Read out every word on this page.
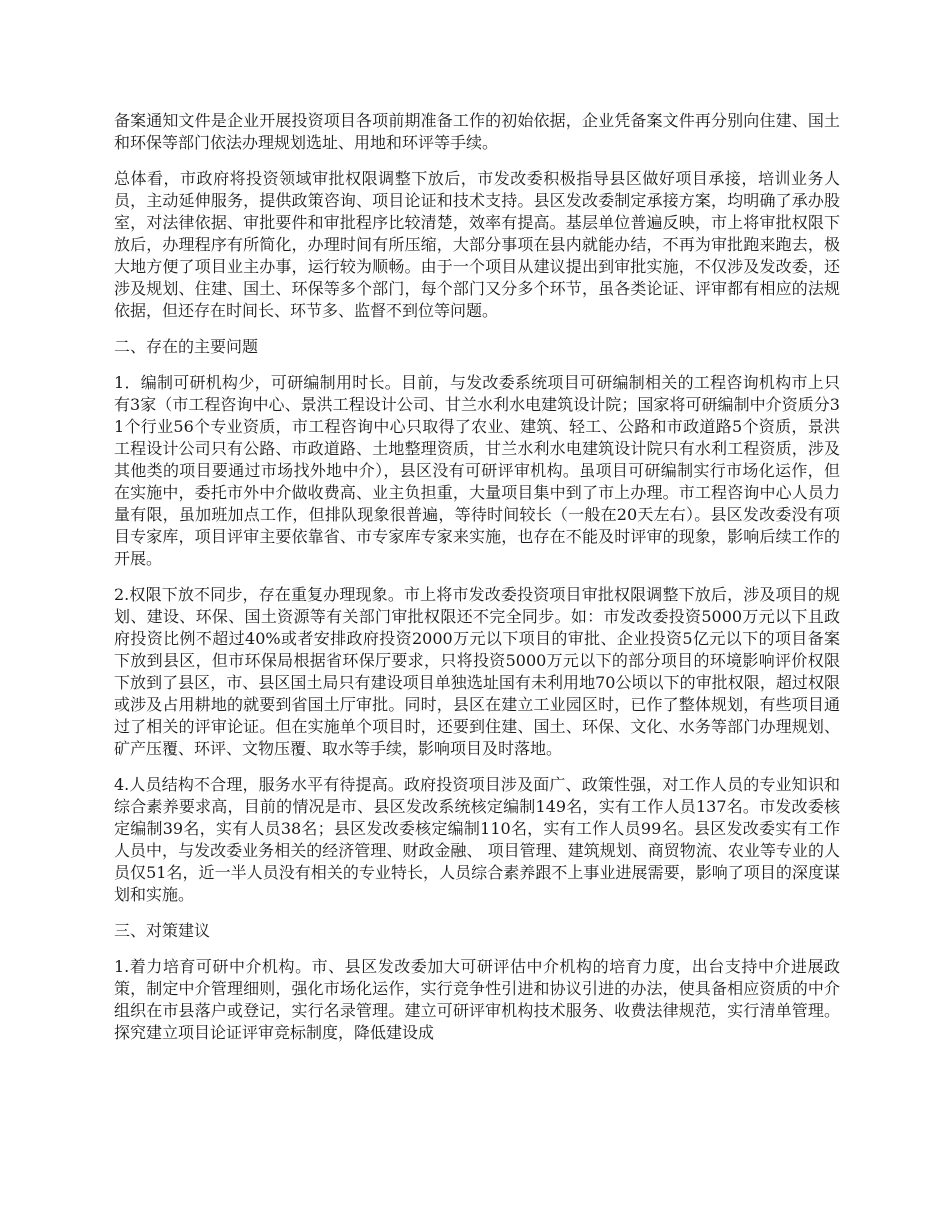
备案通知文件是企业开展投资项目各项前期准备工作的初始依据，企业凭备案文件再分别向住建、国土和环保等部门依法办理规划选址、用地和环评等手续。

总体看，市政府将投资领域审批权限调整下放后，市发改委积极指导县区做好项目承接，培训业务人员，主动延伸服务，提供政策咨询、项目论证和技术支持。县区发改委制定承接方案，均明确了承办股室，对法律依据、审批要件和审批程序比较清楚，效率有提高。基层单位普遍反映，市上将审批权限下放后，办理程序有所简化，办理时间有所压缩，大部分事项在县内就能办结，不再为审批跑来跑去，极大地方便了项目业主办事，运行较为顺畅。由于一个项目从建议提出到审批实施，不仅涉及发改委，还涉及规划、住建、国土、环保等多个部门，每个部门又分多个环节，虽各类论证、评审都有相应的法规依据，但还存在时间长、环节多、监督不到位等问题。

二、存在的主要问题

1．编制可研机构少，可研编制用时长。目前，与发改委系统项目可研编制相关的工程咨询机构市上只有3家（市工程咨询中心、景洪工程设计公司、甘兰水利水电建筑设计院；国家将可研编制中介资质分31个行业56个专业资质，市工程咨询中心只取得了农业、建筑、轻工、公路和市政道路5个资质，景洪工程设计公司只有公路、市政道路、土地整理资质，甘兰水利水电建筑设计院只有水利工程资质，涉及其他类的项目要通过市场找外地中介），县区没有可研评审机构。虽项目可研编制实行市场化运作，但在实施中，委托市外中介做收费高、业主负担重，大量项目集中到了市上办理。市工程咨询中心人员力量有限，虽加班加点工作，但排队现象很普遍，等待时间较长（一般在20天左右）。县区发改委没有项目专家库，项目评审主要依靠省、市专家库专家来实施，也存在不能及时评审的现象，影响后续工作的开展。

2.权限下放不同步，存在重复办理现象。市上将市发改委投资项目审批权限调整下放后，涉及项目的规划、建设、环保、国土资源等有关部门审批权限还不完全同步。如：市发改委投资5000万元以下且政府投资比例不超过40%或者安排政府投资2000万元以下项目的审批、企业投资5亿元以下的项目备案下放到县区，但市环保局根据省环保厅要求，只将投资5000万元以下的部分项目的环境影响评价权限下放到了县区，市、县区国土局只有建设项目单独选址国有未利用地70公顷以下的审批权限，超过权限或涉及占用耕地的就要到省国土厅审批。同时，县区在建立工业园区时，已作了整体规划，有些项目通过了相关的评审论证。但在实施单个项目时，还要到住建、国土、环保、文化、水务等部门办理规划、矿产压覆、环评、文物压覆、取水等手续，影响项目及时落地。

4.人员结构不合理，服务水平有待提高。政府投资项目涉及面广、政策性强，对工作人员的专业知识和综合素养要求高，目前的情况是市、县区发改系统核定编制149名，实有工作人员137名。市发改委核定编制39名，实有人员38名；县区发改委核定编制110名，实有工作人员99名。县区发改委实有工作人员中，与发改委业务相关的经济管理、财政金融、 项目管理、建筑规划、商贸物流、农业等专业的人员仅51名，近一半人员没有相关的专业特长，人员综合素养跟不上事业进展需要，影响了项目的深度谋划和实施。

三、对策建议

1.着力培育可研中介机构。市、县区发改委加大可研评估中介机构的培育力度，出台支持中介进展政策，制定中介管理细则，强化市场化运作，实行竞争性引进和协议引进的办法，使具备相应资质的中介组织在市县落户或登记，实行名录管理。建立可研评审机构技术服务、收费法律规范，实行清单管理。探究建立项目论证评审竞标制度，降低建设成
